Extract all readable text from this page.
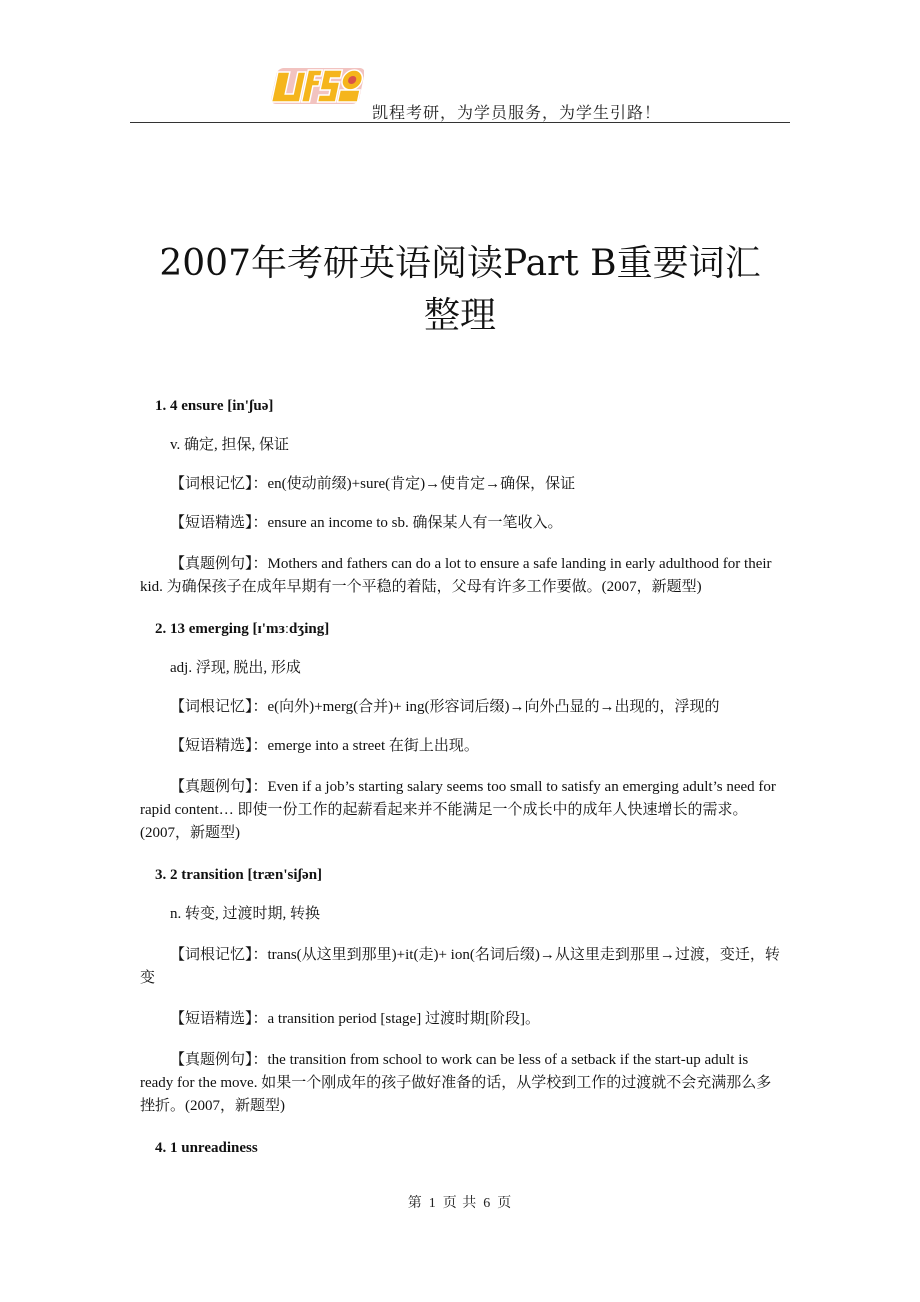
凯程考研，为学员服务，为学生引路！
2007年考研英语阅读Part B重要词汇
整理

1. 4 ensure [in'ʃuə]

v. 确定, 担保, 保证

【词根记忆】：en(使动前缀)+sure(肯定)→使肯定→确保，保证

【短语精选】：ensure an income to sb. 确保某人有一笔收入。

【真题例句】：Mothers and fathers can do a lot to ensure a safe landing in early adulthood for their kid. 为确保孩子在成年早期有一个平稳的着陆，父母有许多工作要做。(2007，新题型)

2. 13 emerging [ɪ'mɜːdʒing]

adj. 浮现, 脱出, 形成

【词根记忆】：e(向外)+merg(合并)+ ing(形容词后缀)→向外凸显的→出现的，浮现的

【短语精选】：emerge into a street 在街上出现。

【真题例句】：Even if a job’s starting salary seems too small to satisfy an emerging adult’s need for rapid content… 即使一份工作的起薪看起来并不能满足一个成长中的成年人快速增长的需求。(2007，新题型)

3. 2 transition [træn'siʃən]

n. 转变, 过渡时期, 转换

【词根记忆】：trans(从这里到那里)+it(走)+ ion(名词后缀)→从这里走到那里→过渡，变迁，转变

【短语精选】：a transition period [stage] 过渡时期[阶段]。

【真题例句】：the transition from school to work can be less of a setback if the start-up adult is ready for the move. 如果一个刚成年的孩子做好准备的话，从学校到工作的过渡就不会充满那么多挫折。(2007，新题型)

4. 1 unreadiness

第 1 页 共 6 页
